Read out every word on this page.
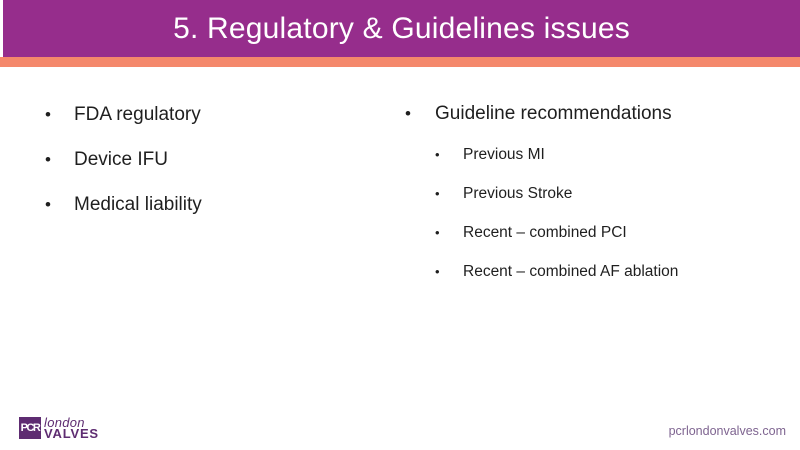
5. Regulatory & Guidelines issues
•	FDA regulatory
•	Device IFU
•	Medical liability
•	Guideline recommendations
•	Previous MI
•	Previous Stroke
•	Recent – combined PCI
•	Recent – combined AF ablation
PCR london
VALVES	pcrlondonvalves.com
